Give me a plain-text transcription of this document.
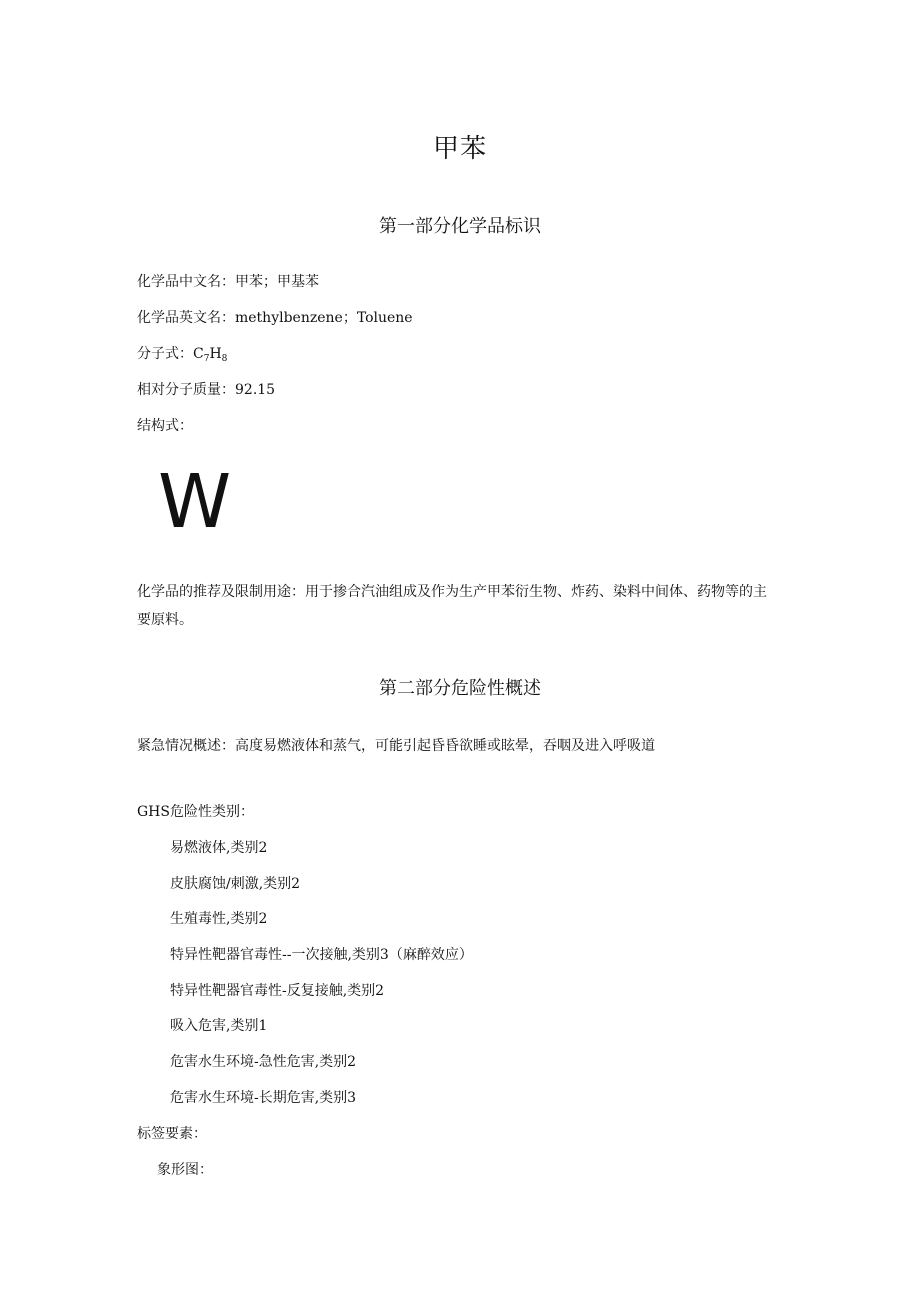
甲苯
第一部分化学品标识
化学品中文名：甲苯；甲基苯
化学品英文名：methylbenzene；Toluene
分子式：$C_7H_8$
相对分子质量：92.15
结构式：
W
化学品的推荐及限制用途：用于掺合汽油组成及作为生产甲苯衍生物、炸药、染料中间体、药物等的主要原料。
第二部分危险性概述
紧急情况概述：高度易燃液体和蒸气，可能引起昏昏欲睡或眩晕，吞咽及进入呼吸道
GHS危险性类别：
易燃液体,类别2
皮肤腐蚀/刺激,类别2
生殖毒性,类别2
特异性靶器官毒性--一次接触,类别3（麻醉效应）
特异性靶器官毒性-反复接触,类别2
吸入危害,类别1
危害水生环境-急性危害,类别2
危害水生环境-长期危害,类别3
标签要素：
象形图：
